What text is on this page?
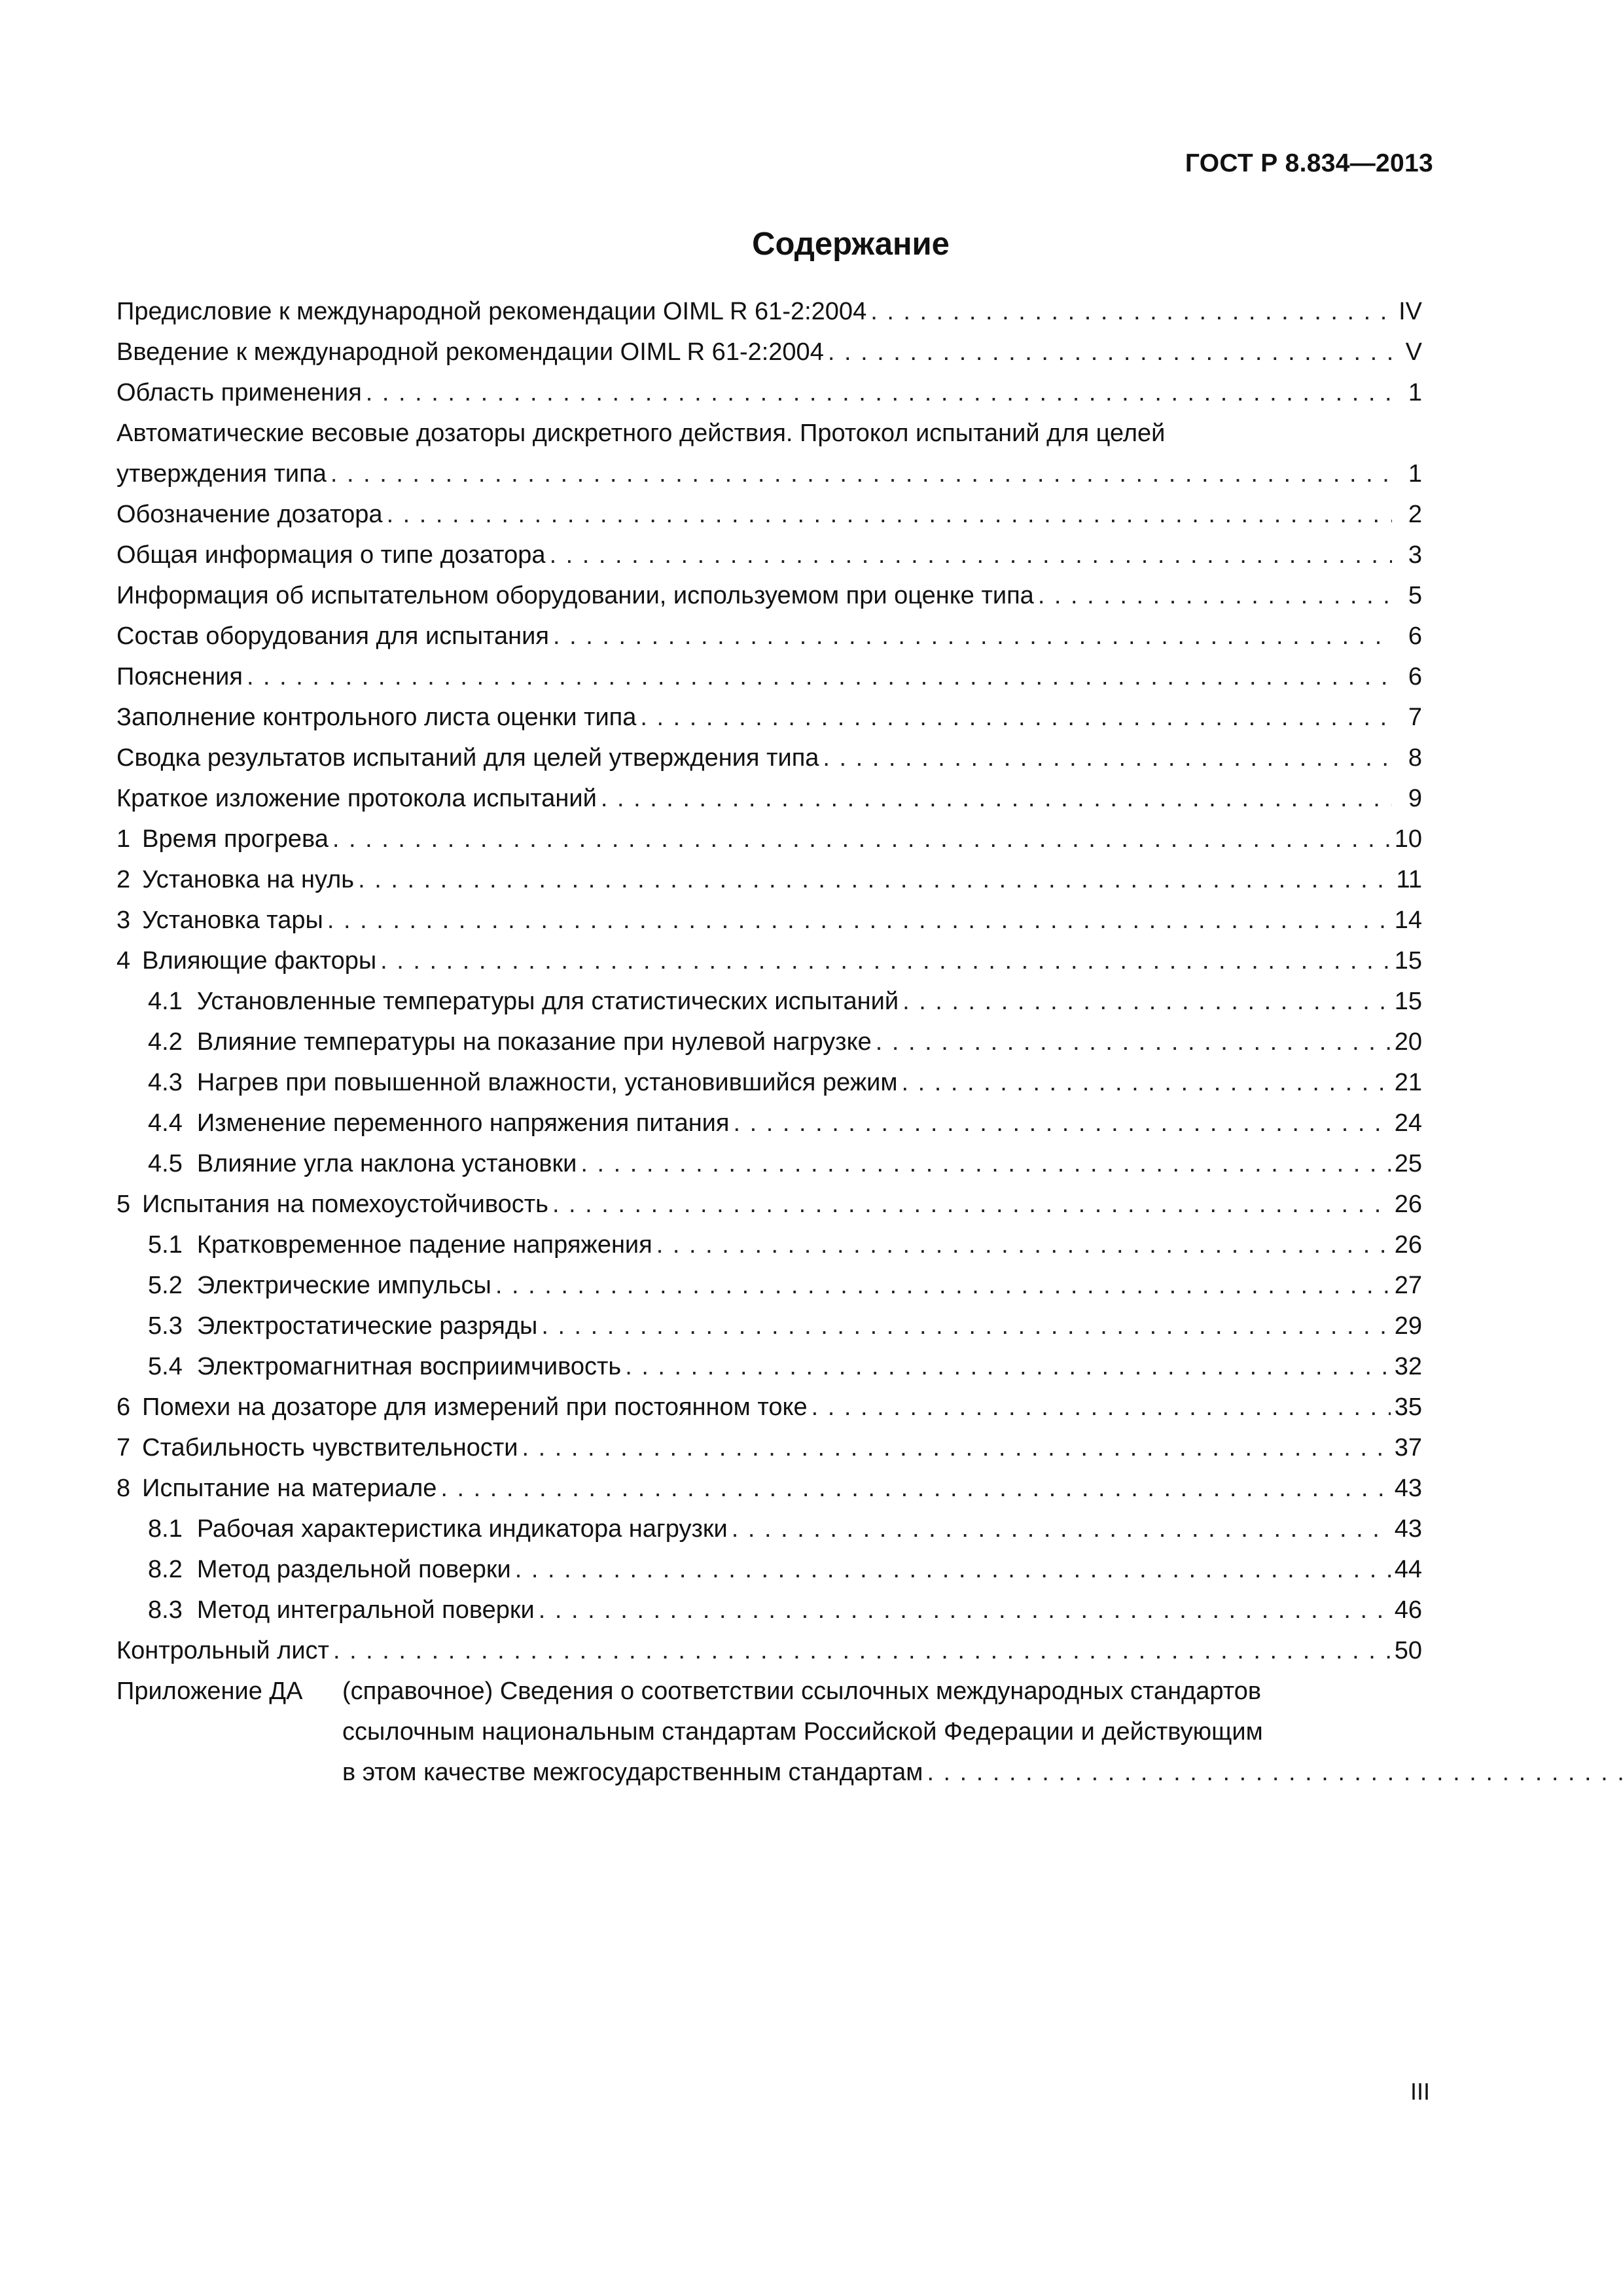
ГОСТ Р 8.834—2013
Содержание
Предисловие к международной рекомендации OIML R 61-2:2004 . . .	IV
Введение к международной рекомендации OIML R 61-2:2004 . . .	V
Область применения . . .	1
Автоматические весовые дозаторы дискретного действия. Протокол испытаний для целей
утверждения типа . . .	1
Обозначение дозатора . . .	2
Общая информация о типе дозатора . . .	3
Информация об испытательном оборудовании, используемом при оценке типа . . .	5
Состав оборудования для испытания . . .	6
Пояснения . . .	6
Заполнение контрольного листа оценки типа . . .	7
Сводка результатов испытаний для целей утверждения типа . . .	8
Краткое изложение протокола испытаний . . .	9
1 Время прогрева . . .	10
2 Установка на нуль . . .	11
3 Установка тары . . .	14
4 Влияющие факторы . . .	15
4.1 Установленные температуры для статистических испытаний . . .	15
4.2 Влияние температуры на показание при нулевой нагрузке . . .	20
4.3 Нагрев при повышенной влажности, установившийся режим . . .	21
4.4 Изменение переменного напряжения питания . . .	24
4.5 Влияние угла наклона установки . . .	25
5 Испытания на помехоустойчивость . . .	26
5.1 Кратковременное падение напряжения . . .	26
5.2 Электрические импульсы . . .	27
5.3 Электростатические разряды . . .	29
5.4 Электромагнитная восприимчивость . . .	32
6 Помехи на дозаторе для измерений при постоянном токе . . .	35
7 Стабильность чувствительности . . .	37
8 Испытание на материале . . .	43
8.1 Рабочая характеристика индикатора нагрузки . . .	43
8.2 Метод раздельной поверки . . .	44
8.3 Метод интегральной поверки . . .	46
Контрольный лист . . .	50
Приложение ДА	(справочное) Сведения о соответствии ссылочных международных стандартов
ссылочным национальным стандартам Российской Федерации и действующим
в этом качестве межгосударственным стандартам
. . .
III
